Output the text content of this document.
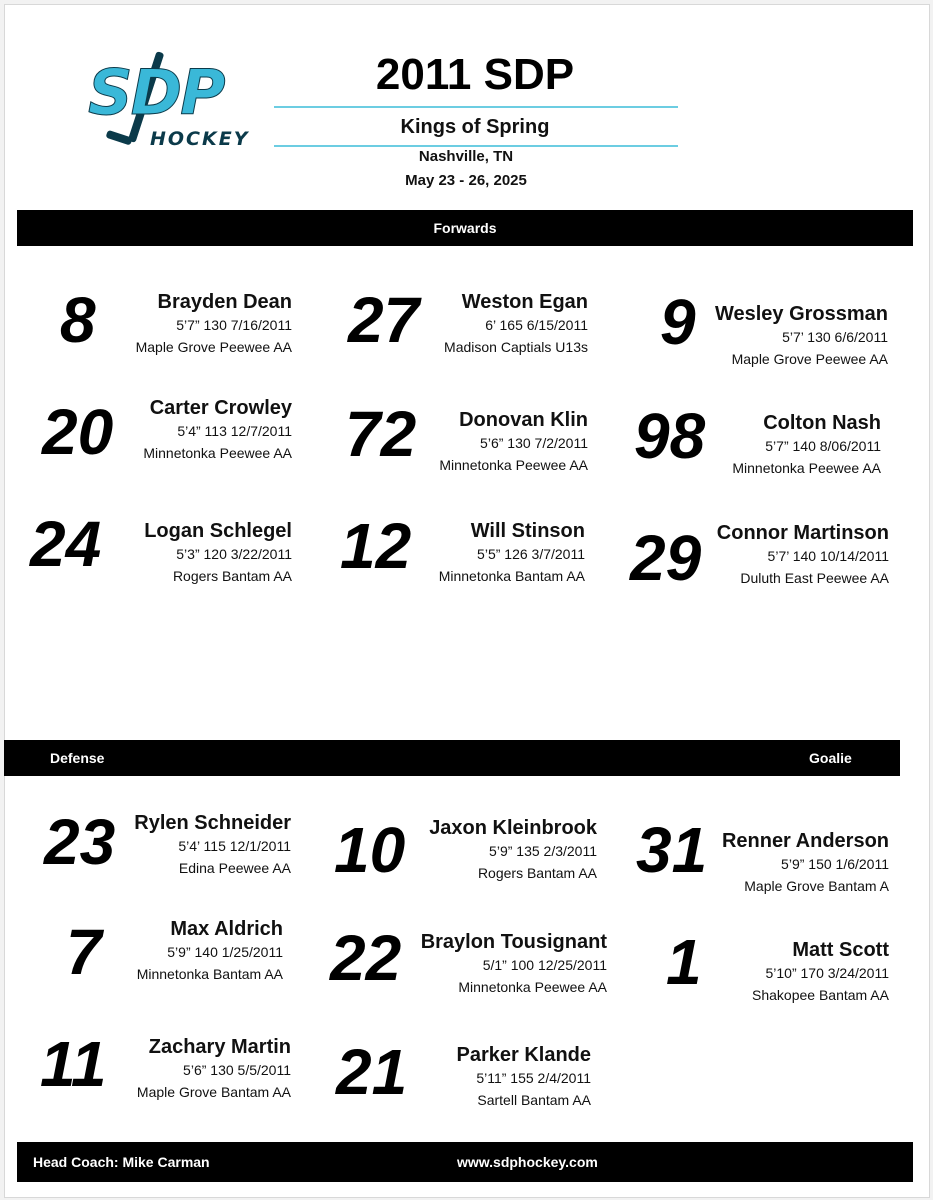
SDP
HOCKEY
2011 SDP
Kings of Spring
Nashville, TN
May 23 - 26, 2025
Forwards
Defense	Goalie
8	Brayden Dean
5’7” 130 7/16/2011
Maple Grove Peewee AA 27	Weston Egan
6’ 165 6/15/2011
Madison Captials U13s 9 Wesley Grossman
5’7’ 130 6/6/2011
Maple Grove Peewee AA
20	Carter Crowley
5’4” 113 12/7/2011
Minnetonka Peewee AA 72	Donovan Klin
5’6” 130 7/2/2011
Minnetonka Peewee AA 98	Colton Nash
5’7” 140 8/06/2011
Minnetonka Peewee AA
24 Logan Schlegel
5’3” 120 3/22/2011
Rogers Bantam AA 12	Will Stinson
5’5” 126 3/7/2011
Minnetonka Bantam AA 29 Connor Martinson
5’7’ 140 10/14/2011
Duluth East Peewee AA
23 Rylen Schneider
5’4’ 115 12/1/2011
Edina Peewee AA 10 Jaxon Kleinbrook
5’9” 135 2/3/2011
Rogers Bantam AA
7	Max Aldrich
5’9” 140 1/25/2011
Minnetonka Bantam AA 22 Braylon Tousignant
5/1” 100 12/25/2011
Minnetonka Peewee AA
11	Zachary Martin
5’6” 130 5/5/2011
Maple Grove Bantam AA 21 Parker Klande
5’11” 155 2/4/2011
Sartell Bantam AA
31 Renner Anderson
5’9” 150 1/6/2011
Maple Grove Bantam A
1	Matt Scott
5’10” 170 3/24/2011
Shakopee Bantam AA
Head Coach: Mike Carman	www.sdphockey.com
